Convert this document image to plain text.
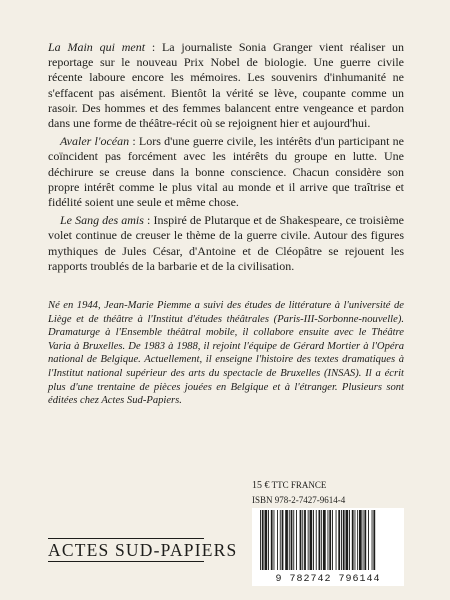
La Main qui ment : La journaliste Sonia Granger vient réaliser un reportage sur le nouveau Prix Nobel de biologie. Une guerre civile récente laboure encore les mémoires. Les souvenirs d'inhumanité ne s'effacent pas aisément. Bientôt la vérité se lève, coupante comme un rasoir. Des hommes et des femmes balancent entre vengeance et pardon dans une forme de théâtre-récit où se rejoignent hier et aujourd'hui.

Avaler l'océan : Lors d'une guerre civile, les intérêts d'un participant ne coïncident pas forcément avec les intérêts du groupe en lutte. Une déchirure se creuse dans la bonne conscience. Chacun considère son propre intérêt comme le plus vital au monde et il arrive que traîtrise et fidélité soient une seule et même chose.

Le Sang des amis : Inspiré de Plutarque et de Shakespeare, ce troisième volet continue de creuser le thème de la guerre civile. Autour des figures mythiques de Jules César, d'Antoine et de Cléopâtre se rejouent les rapports troublés de la barbarie et de la civilisation.

Né en 1944, Jean-Marie Piemme a suivi des études de littérature à l'université de Liège et de théâtre à l'Institut d'études théâtrales (Paris-III-Sorbonne-nouvelle). Dramaturge à l'Ensemble théâtral mobile, il collabore ensuite avec le Théâtre Varia à Bruxelles. De 1983 à 1988, il rejoint l'équipe de Gérard Mortier à l'Opéra national de Belgique. Actuellement, il enseigne l'histoire des textes dramatiques à l'Institut national supérieur des arts du spectacle de Bruxelles (INSAS). Il a écrit plus d'une trentaine de pièces jouées en Belgique et à l'étranger. Plusieurs sont éditées chez Actes Sud-Papiers.

15 € TTC FRANCE
ISBN 978-2-7427-9614-4
9 782742 796144
ACTES SUD-PAPIERS
